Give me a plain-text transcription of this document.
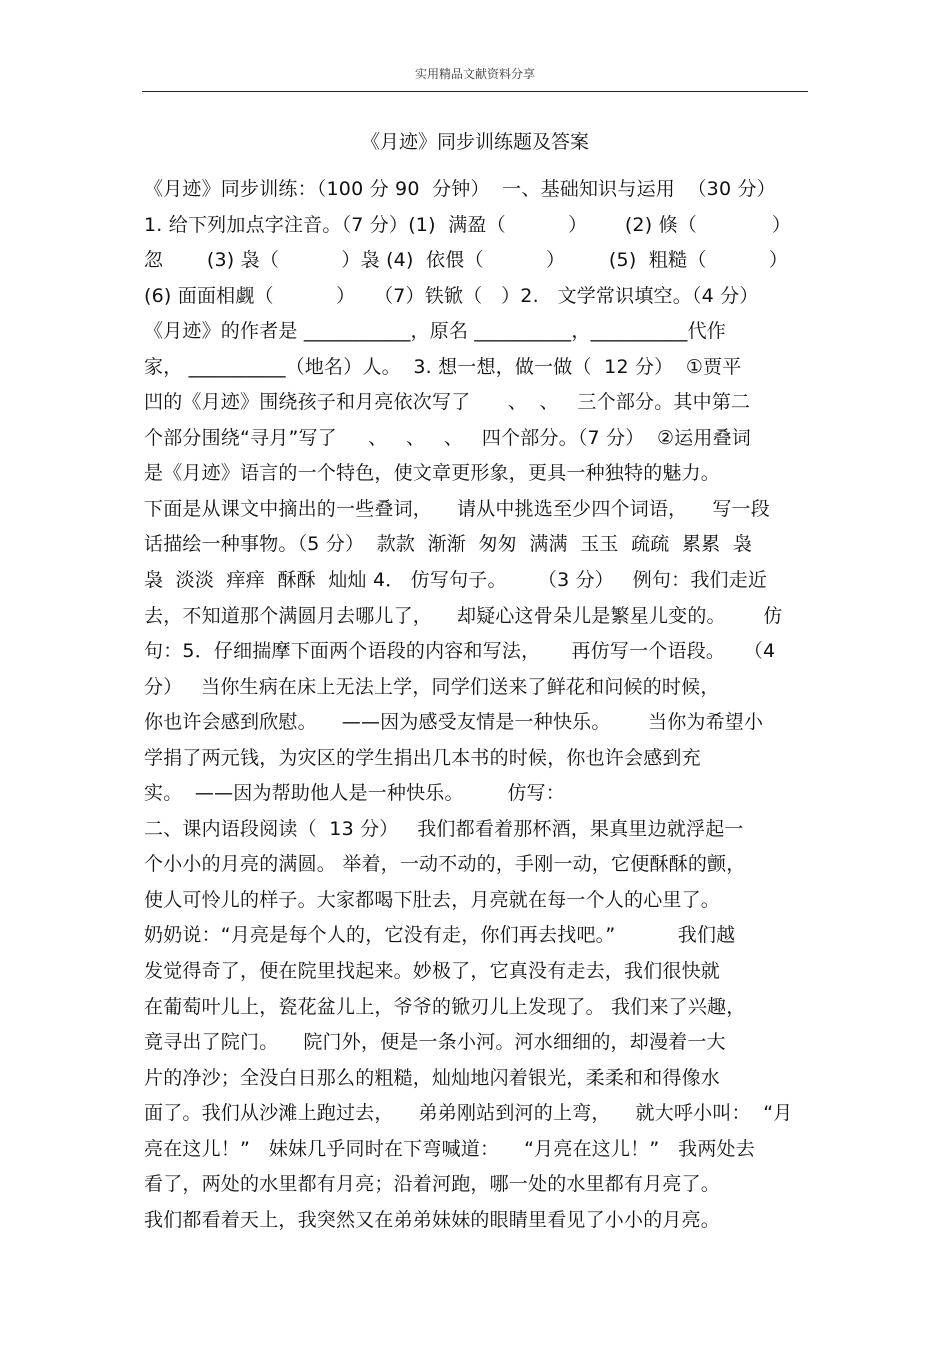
实用精品文献资料分享
《月迹》同步训练题及答案
《月迹》同步训练：（100 分 90  分钟）  一、基础知识与运用  （30 分）
1. 给下列加点字注音。（7 分）(1)  满盈（          ）      (2) 倏（            ）
忽       (3) 袅（          ）袅 (4)  依偎（          ）       (5)  粗糙（          ）
(6) 面面相觑（          ）   （7）铁锨（   ）2.   文学常识填空。（4 分）
《月迹》的作者是 ___________，原名 __________，__________代作
家， __________（地名）人。  3. 想一想，做一做（  12 分）  ①贾平
凹的《月迹》围绕孩子和月亮依次写了      、  、   三个部分。其中第二
个部分围绕“寻月”写了     、   、   、   四个部分。（7 分）  ②运用叠词
是《月迹》语言的一个特色，使文章更形象，更具一种独特的魅力。
下面是从课文中摘出的一些叠词，    请从中挑选至少四个词语，    写一段
话描绘一种事物。（5 分）  款款  渐渐  匆匆  满满  玉玉  疏疏  累累  袅
袅  淡淡  痒痒  酥酥  灿灿 4． 仿写句子。     （3 分）   例句：我们走近
去，不知道那个满圆月去哪儿了，    却疑心这骨朵儿是繁星儿变的。      仿
句：5．仔细揣摩下面两个语段的内容和写法，     再仿写一个语段。   （4
分）   当你生病在床上无法上学，同学们送来了鲜花和问候的时候，
你也许会感到欣慰。    ——因为感受友情是一种快乐。      当你为希望小
学捐了两元钱，为灾区的学生捐出几本书的时候，你也许会感到充
实。  ——因为帮助他人是一种快乐。       仿写：
二、课内语段阅读（  13 分）   我们都看着那杯酒，果真里边就浮起一
个小小的月亮的满圆。 举着，一动不动的，手刚一动，它便酥酥的颤，
使人可怜儿的样子。大家都喝下肚去，月亮就在每一个人的心里了。
奶奶说：“月亮是每个人的，它没有走，你们再去找吧。”          我们越
发觉得奇了，便在院里找起来。妙极了，它真没有走去，我们很快就
在葡萄叶儿上，瓷花盆儿上，爷爷的锨刃儿上发现了。 我们来了兴趣，
竟寻出了院门。    院门外，便是一条小河。河水细细的，却漫着一大
片的净沙；全没白日那么的粗糙，灿灿地闪着银光，柔柔和和得像水
面了。我们从沙滩上跑过去，    弟弟刚站到河的上弯，    就大呼小叫：  “月
亮在这儿！”   妹妹几乎同时在下弯喊道：    “月亮在这儿！”   我两处去
看了，两处的水里都有月亮；沿着河跑，哪一处的水里都有月亮了。
我们都看着天上，我突然又在弟弟妹妹的眼睛里看见了小小的月亮。
